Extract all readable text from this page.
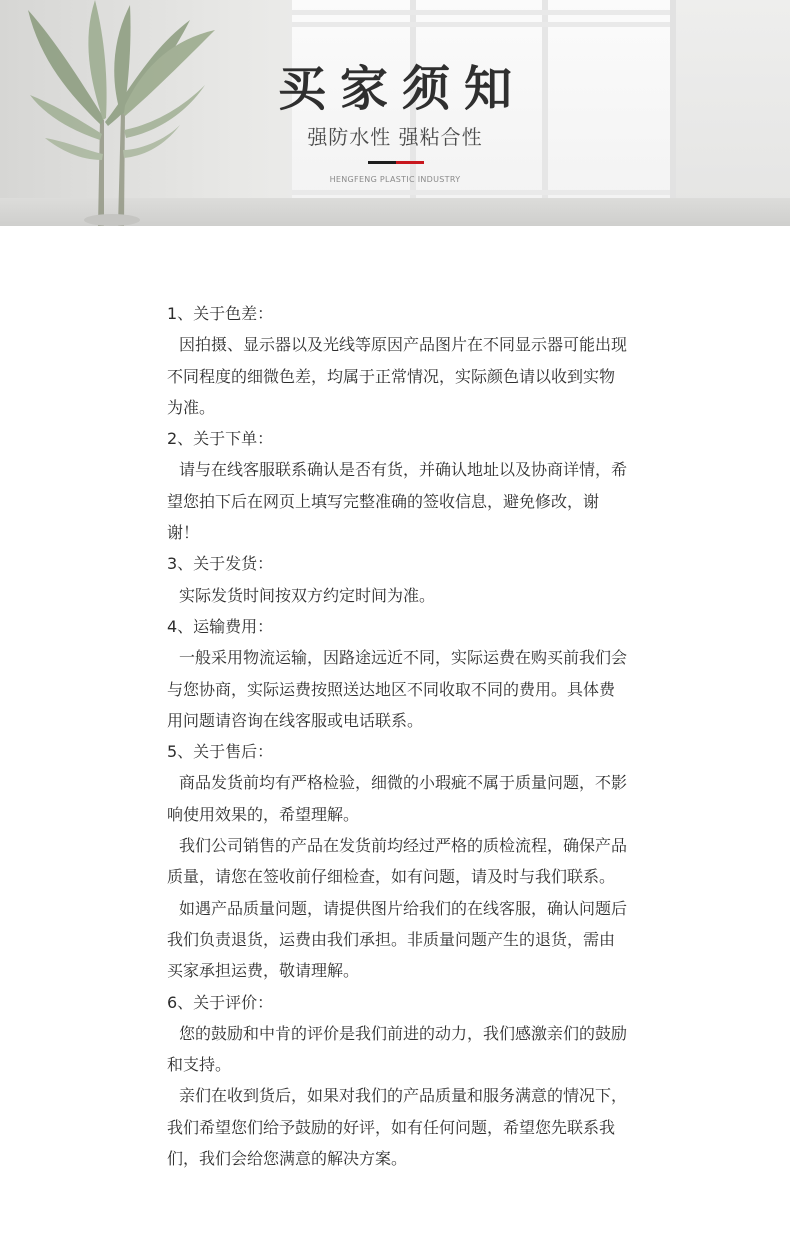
买家须知
强防水性 强粘合性
HENGFENG PLASTIC INDUSTRY

1、关于色差：

因拍摄、显示器以及光线等原因产品图片在不同显示器可能出现不同程度的细微色差，均属于正常情况，实际颜色请以收到实物为准。

2、关于下单：

请与在线客服联系确认是否有货，并确认地址以及协商详情，希望您拍下后在网页上填写完整准确的签收信息，避免修改，谢谢！

3、关于发货：

实际发货时间按双方约定时间为准。

4、运输费用：

一般采用物流运输，因路途远近不同，实际运费在购买前我们会与您协商，实际运费按照送达地区不同收取不同的费用。具体费用问题请咨询在线客服或电话联系。

5、关于售后：

商品发货前均有严格检验，细微的小瑕疵不属于质量问题，不影响使用效果的，希望理解。

我们公司销售的产品在发货前均经过严格的质检流程，确保产品质量，请您在签收前仔细检查，如有问题，请及时与我们联系。

如遇产品质量问题，请提供图片给我们的在线客服，确认问题后我们负责退货，运费由我们承担。非质量问题产生的退货，需由买家承担运费，敬请理解。

6、关于评价：

您的鼓励和中肯的评价是我们前进的动力，我们感激亲们的鼓励和支持。

亲们在收到货后，如果对我们的产品质量和服务满意的情况下，我们希望您们给予鼓励的好评，如有任何问题，希望您先联系我们，我们会给您满意的解决方案。
